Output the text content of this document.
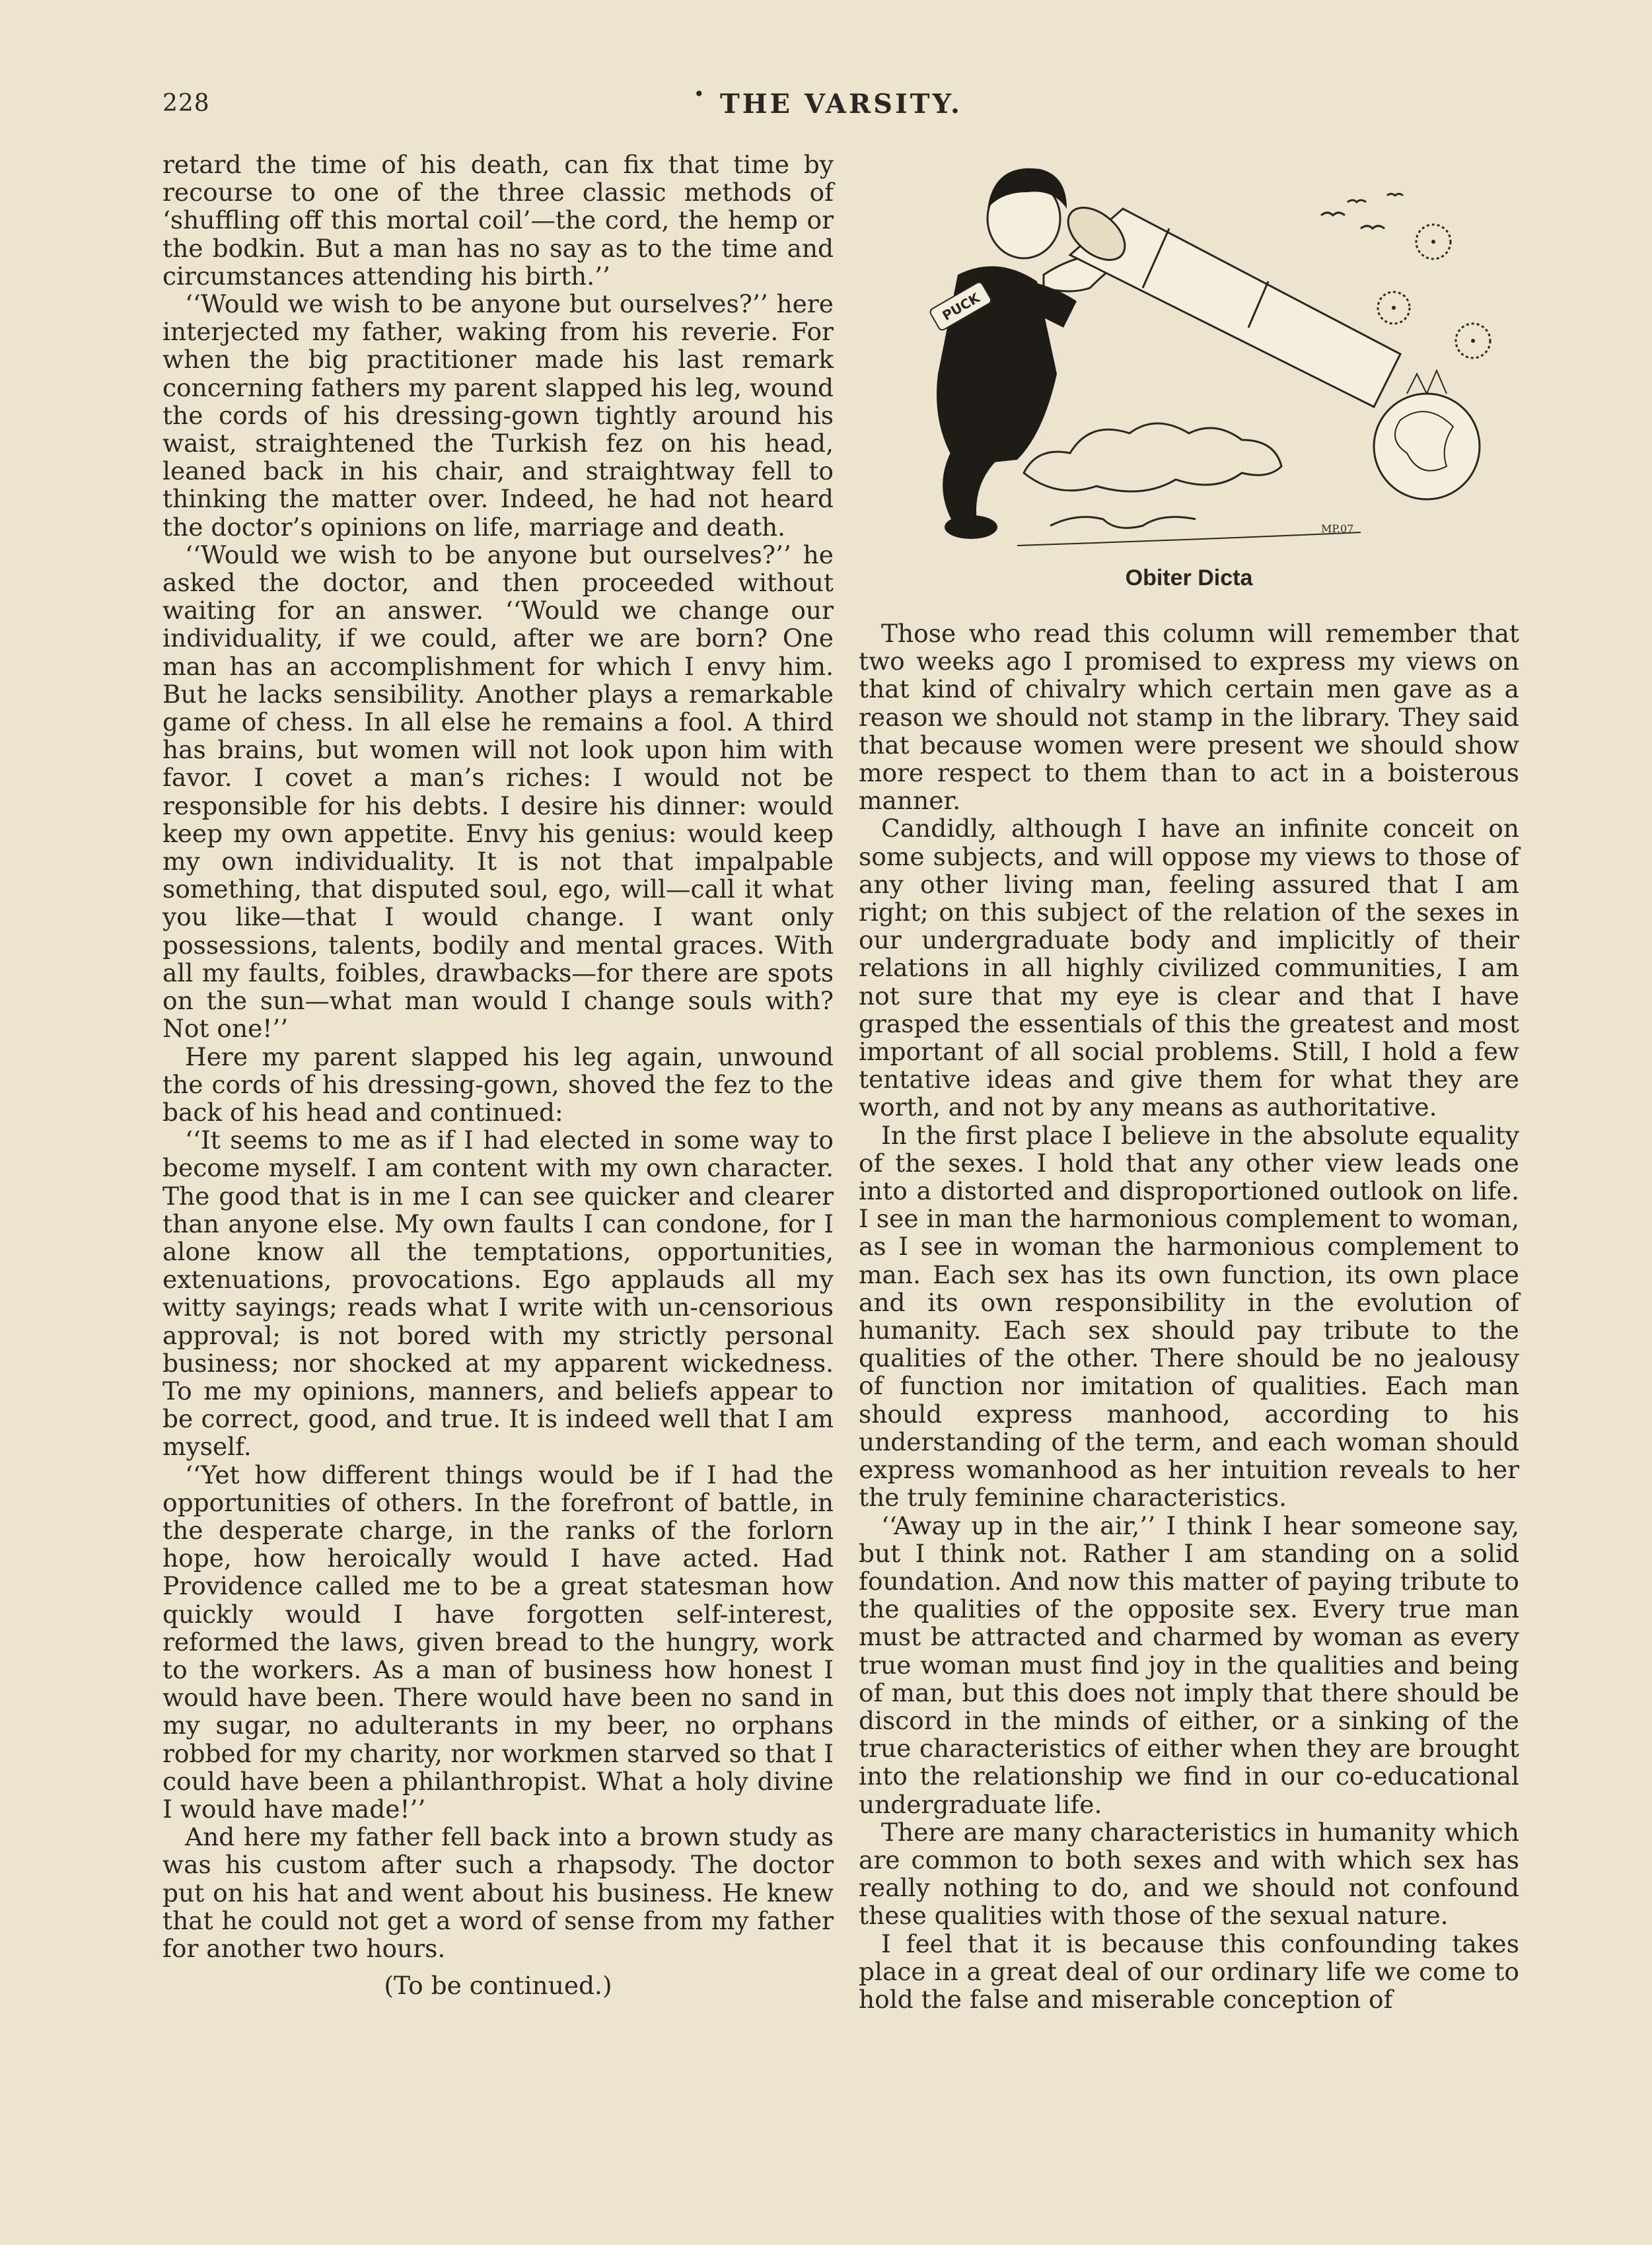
228	• THE VARSITY.

retard the time of his death, can fix that time by recourse to one of the three classic methods of ‘shuffling off this mortal coil’—the cord, the hemp or the bodkin. But a man has no say as to the time and circumstances attending his birth.’’

‘‘Would we wish to be anyone but ourselves?’’ here interjected my father, waking from his reverie. For when the big practitioner made his last remark concerning fathers my parent slapped his leg, wound the cords of his dressing-gown tightly around his waist, straightened the Turkish fez on his head, leaned back in his chair, and straightway fell to thinking the matter over. Indeed, he had not heard the doctor’s opinions on life, marriage and death.

‘‘Would we wish to be anyone but ourselves?’’ he asked the doctor, and then proceeded without waiting for an answer. ‘‘Would we change our individuality, if we could, after we are born? One man has an accomplishment for which I envy him. But he lacks sensibility. Another plays a remarkable game of chess. In all else he remains a fool. A third has brains, but women will not look upon him with favor. I covet a man’s riches: I would not be responsible for his debts. I desire his dinner: would keep my own appetite. Envy his genius: would keep my own individuality. It is not that impalpable something, that disputed soul, ego, will—call it what you like—that I would change. I want only possessions, talents, bodily and mental graces. With all my faults, foibles, drawbacks—for there are spots on the sun—what man would I change souls with? Not one!’’

Here my parent slapped his leg again, unwound the cords of his dressing-gown, shoved the fez to the back of his head and continued:

‘‘It seems to me as if I had elected in some way to become myself. I am content with my own character. The good that is in me I can see quicker and clearer than anyone else. My own faults I can condone, for I alone know all the temptations, opportunities, extenuations, provocations. Ego applauds all my witty sayings; reads what I write with un-censorious approval; is not bored with my strictly personal business; nor shocked at my apparent wickedness. To me my opinions, manners, and beliefs appear to be correct, good, and true. It is indeed well that I am myself.

‘‘Yet how different things would be if I had the opportunities of others. In the forefront of battle, in the desperate charge, in the ranks of the forlorn hope, how heroically would I have acted. Had Providence called me to be a great statesman how quickly would I have forgotten self-interest, reformed the laws, given bread to the hungry, work to the workers. As a man of business how honest I would have been. There would have been no sand in my sugar, no adulterants in my beer, no orphans robbed for my charity, nor workmen starved so that I could have been a philanthropist. What a holy divine I would have made!’’

And here my father fell back into a brown study as was his custom after such a rhapsody. The doctor put on his hat and went about his business. He knew that he could not get a word of sense from my father for another two hours.

(To be continued.)

PUCK
MP.07
Obiter Dicta

Those who read this column will remember that two weeks ago I promised to express my views on that kind of chivalry which certain men gave as a reason we should not stamp in the library. They said that because women were present we should show more respect to them than to act in a boisterous manner.

Candidly, although I have an infinite conceit on some subjects, and will oppose my views to those of any other living man, feeling assured that I am right; on this subject of the relation of the sexes in our undergraduate body and implicitly of their relations in all highly civilized communities, I am not sure that my eye is clear and that I have grasped the essentials of this the greatest and most important of all social problems. Still, I hold a few tentative ideas and give them for what they are worth, and not by any means as authoritative.

In the first place I believe in the absolute equality of the sexes. I hold that any other view leads one into a distorted and disproportioned outlook on life. I see in man the harmonious complement to woman, as I see in woman the harmonious complement to man. Each sex has its own function, its own place and its own responsibility in the evolution of humanity. Each sex should pay tribute to the qualities of the other. There should be no jealousy of function nor imitation of qualities. Each man should express manhood, according to his understanding of the term, and each woman should express womanhood as her intuition reveals to her the truly feminine characteristics.

‘‘Away up in the air,’’ I think I hear someone say, but I think not. Rather I am standing on a solid foundation. And now this matter of paying tribute to the qualities of the opposite sex. Every true man must be attracted and charmed by woman as every true woman must find joy in the qualities and being of man, but this does not imply that there should be discord in the minds of either, or a sinking of the true characteristics of either when they are brought into the relationship we find in our co-educational undergraduate life.

There are many characteristics in humanity which are common to both sexes and with which sex has really nothing to do, and we should not confound these qualities with those of the sexual nature.

I feel that it is because this confounding takes place in a great deal of our ordinary life we come to hold the false and miserable conception of
